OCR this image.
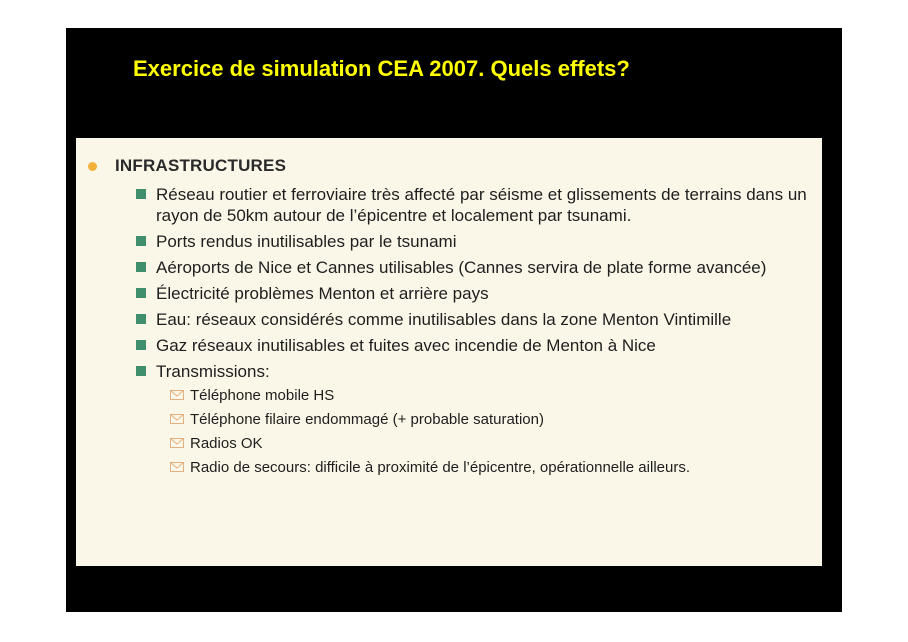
Exercice de simulation CEA 2007. Quels effets?
INFRASTRUCTURES
Réseau routier et ferroviaire très affecté par séisme et glissements de terrains dans un rayon de 50km autour de l’épicentre et localement par tsunami.
Ports rendus inutilisables par le tsunami
Aéroports de Nice et Cannes utilisables (Cannes servira de plate forme avancée)
Électricité problèmes Menton et arrière pays
Eau: réseaux considérés comme inutilisables dans la zone Menton Vintimille
Gaz réseaux inutilisables et fuites avec incendie de Menton à Nice
Transmissions:
Téléphone mobile HS
Téléphone filaire endommagé (+ probable saturation)
Radios OK
Radio de secours: difficile à proximité de l’épicentre, opérationnelle ailleurs.
